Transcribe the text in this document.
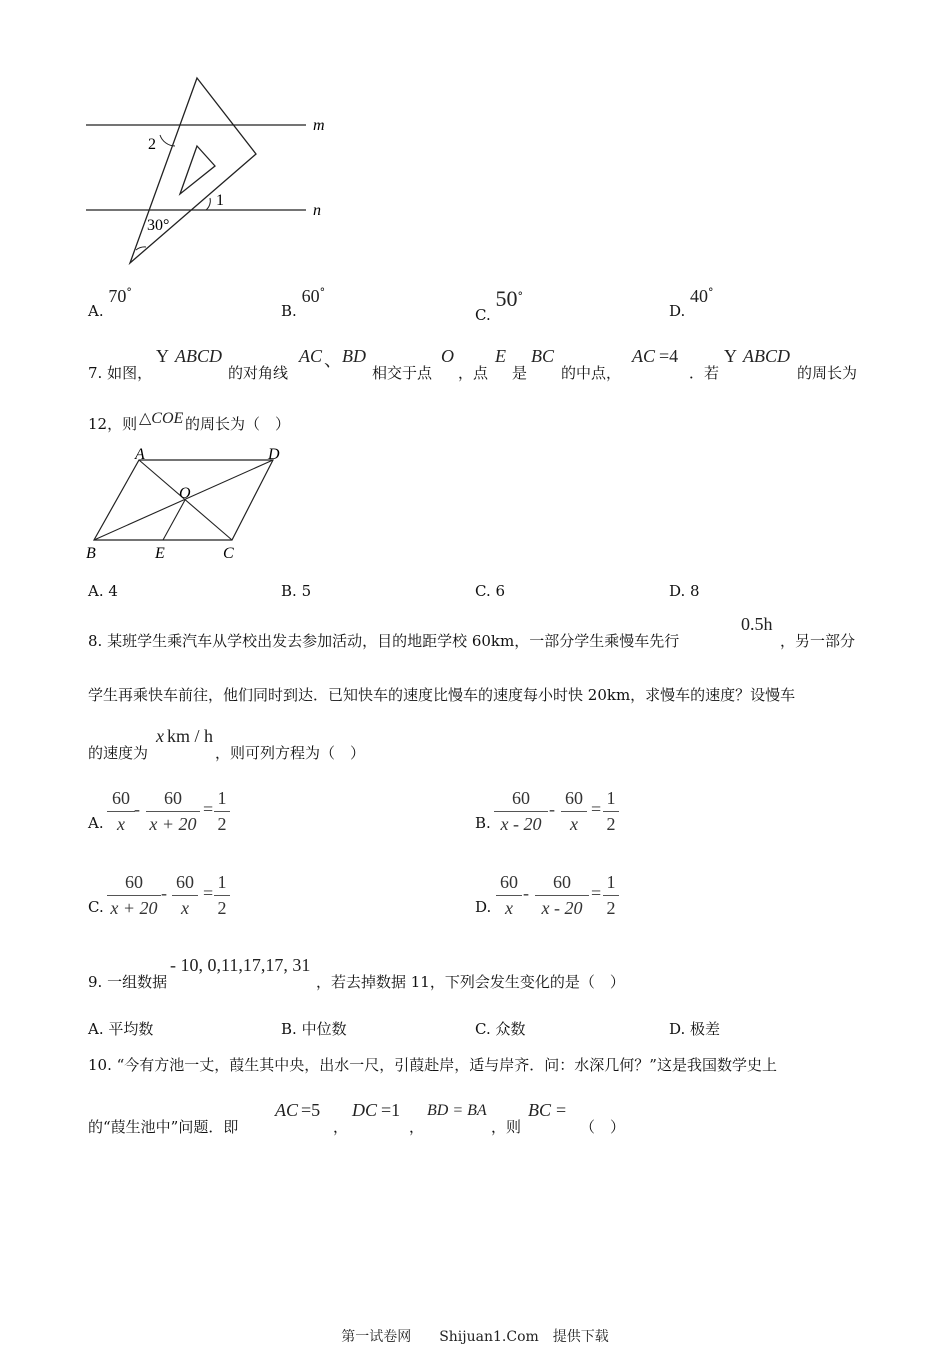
m
n
2
1
30°
A. 70°
B. 60°
C. 50°
D. 40°
7. 如图，
Y ABCD
的对角线
AC 、 BD
相交于点
O
，点
E
是
BC
的中点，
AC =4
．若
Y ABCD
的周长为
12，则 △COE 的周长为（　）
A	D
O
B	E	C
A. 4	B. 5	C. 6	D. 8
8. 某班学生乘汽车从学校出发去参加活动，目的地距学校 60km，一部分学生乘慢车先行
0.5h
，另一部分
学生再乘快车前往，他们同时到达．已知快车的速度比慢车的速度每小时快 20km，求慢车的速度？设慢车
的速度为
x km / h
，则可列方程为（　）
A. $\frac{60}{x} - \frac{60}{x + 20} = \frac{1}{2}$	B. $\frac{60}{x - 20} - \frac{60}{x} = \frac{1}{2}$
C. $\frac{60}{x + 20} - \frac{60}{x} = \frac{1}{2}$	D. $\frac{60}{x} - \frac{60}{x - 20} = \frac{1}{2}$
9. 一组数据
- 10, 0,11,17,17, 31
，若去掉数据 11，下列会发生变化的是（　）
A. 平均数	B. 中位数	C. 众数	D. 极差
10. “今有方池一丈，葭生其中央，出水一尺，引葭赴岸，适与岸齐．问：水深几何？”这是我国数学史上
的“葭生池中”问题．即
AC =5
，
DC =1
，
BD = BA
，则
BC =
（　）
第一试卷网　　Shijuan1.Com　提供下载
